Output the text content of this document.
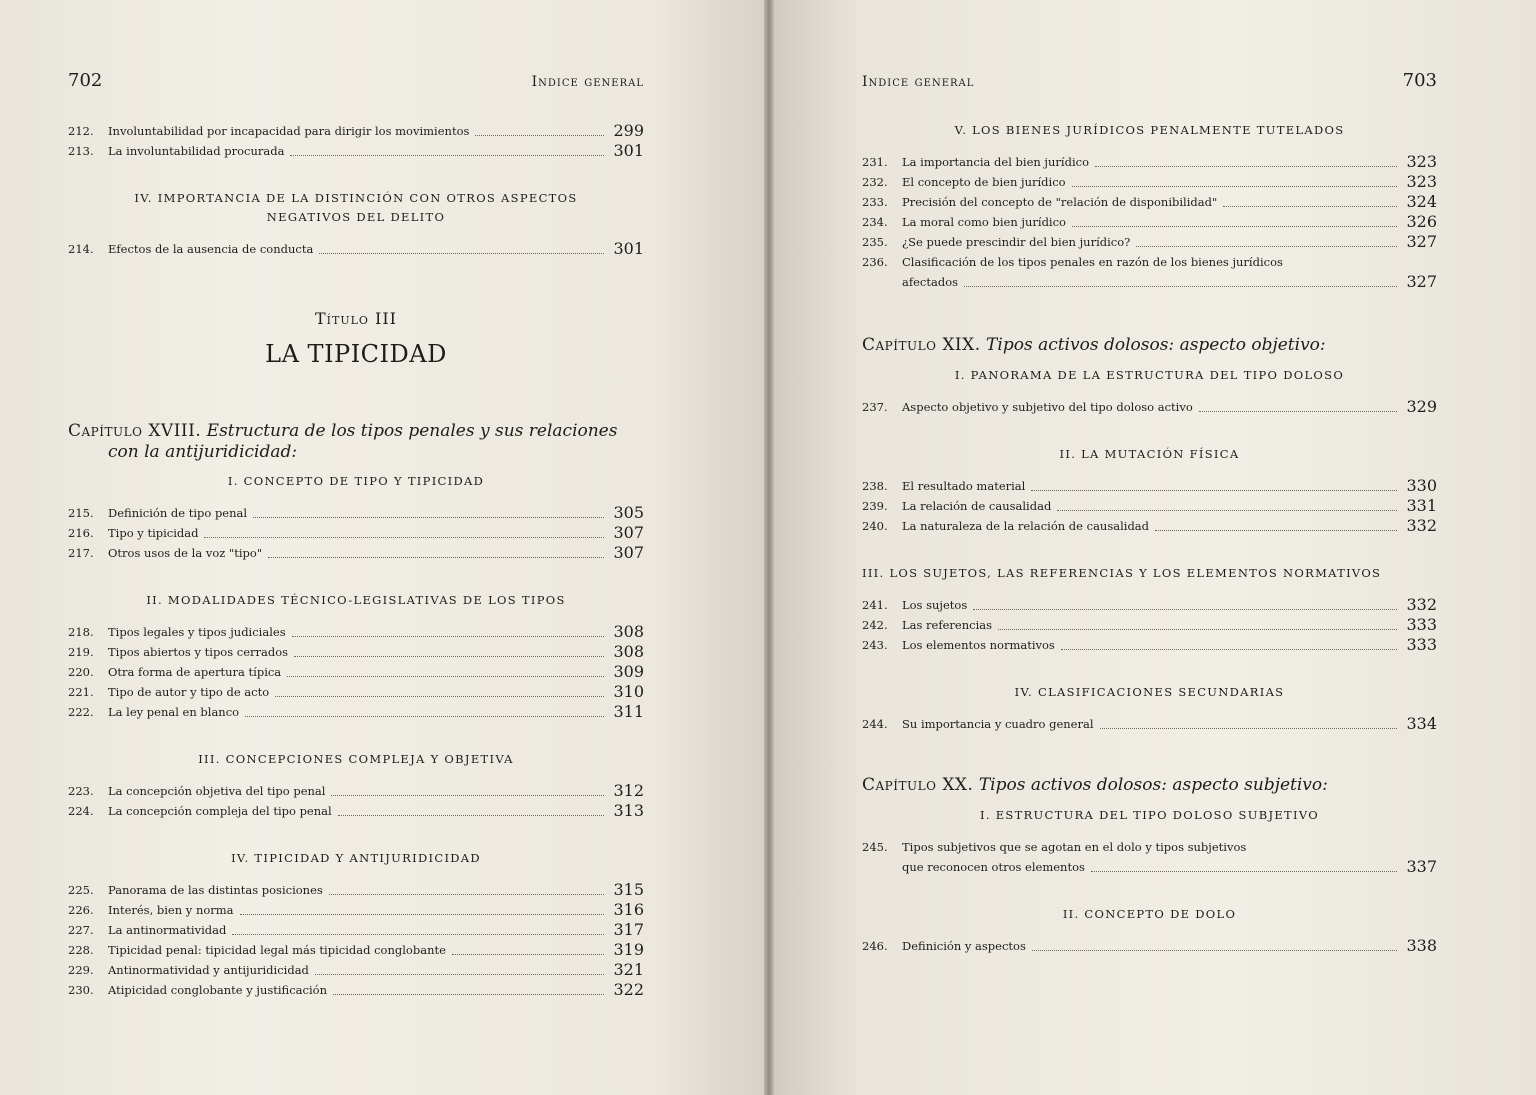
702	Indice general
212.	Involuntabilidad por incapacidad para dirigir los movimientos	299
213.	La involuntabilidad procurada	301
IV. IMPORTANCIA DE LA DISTINCIÓN CON OTROS ASPECTOS NEGATIVOS DEL DELITO
214.	Efectos de la ausencia de conducta	301
Título III
LA TIPICIDAD
Capítulo XVIII. Estructura de los tipos penales y sus relaciones
con la antijuridicidad:
I. CONCEPTO DE TIPO Y TIPICIDAD
215.	Definición de tipo penal	305
216.	Tipo y tipicidad	307
217.	Otros usos de la voz "tipo"	307
II. MODALIDADES TÉCNICO-LEGISLATIVAS DE LOS TIPOS
218.	Tipos legales y tipos judiciales	308
219.	Tipos abiertos y tipos cerrados	308
220.	Otra forma de apertura típica	309
221.	Tipo de autor y tipo de acto	310
222.	La ley penal en blanco	311
III. CONCEPCIONES COMPLEJA Y OBJETIVA
223.	La concepción objetiva del tipo penal	312
224.	La concepción compleja del tipo penal	313
IV. TIPICIDAD Y ANTIJURIDICIDAD
225.	Panorama de las distintas posiciones	315
226.	Interés, bien y norma	316
227.	La antinormatividad	317
228.	Tipicidad penal: tipicidad legal más tipicidad conglobante	319
229.	Antinormatividad y antijuridicidad	321
230.	Atipicidad conglobante y justificación	322
Indice general	703
V. LOS BIENES JURÍDICOS PENALMENTE TUTELADOS
231.	La importancia del bien jurídico	323
232.	El concepto de bien jurídico	323
233.	Precisión del concepto de "relación de disponibilidad"	324
234.	La moral como bien jurídico	326
235.	¿Se puede prescindir del bien jurídico?	327
236.	Clasificación de los tipos penales en razón de los bienes jurídicos
afectados	327
Capítulo XIX. Tipos activos dolosos: aspecto objetivo:
I. PANORAMA DE LA ESTRUCTURA DEL TIPO DOLOSO
237.	Aspecto objetivo y subjetivo del tipo doloso activo	329
II. LA MUTACIÓN FÍSICA
238.	El resultado material	330
239.	La relación de causalidad	331
240.	La naturaleza de la relación de causalidad	332
III. LOS SUJETOS, LAS REFERENCIAS Y LOS ELEMENTOS NORMATIVOS
241.	Los sujetos	332
242.	Las referencias	333
243.	Los elementos normativos	333
IV. CLASIFICACIONES SECUNDARIAS
244.	Su importancia y cuadro general	334
Capítulo XX. Tipos activos dolosos: aspecto subjetivo:
I. ESTRUCTURA DEL TIPO DOLOSO SUBJETIVO
245.	Tipos subjetivos que se agotan en el dolo y tipos subjetivos
que reconocen otros elementos	337
II. CONCEPTO DE DOLO
246.	Definición y aspectos	338
